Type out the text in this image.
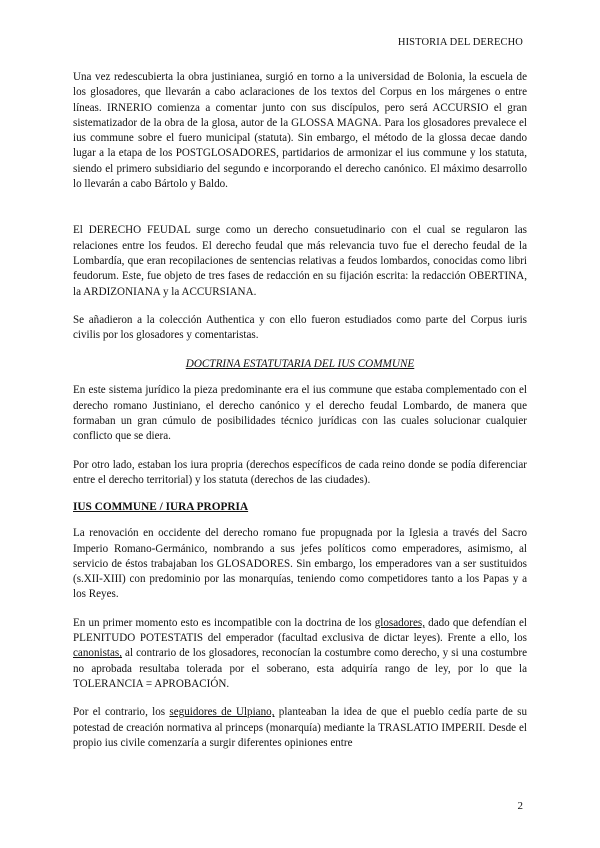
HISTORIA DEL DERECHO

Una vez redescubierta la obra justinianea, surgió en torno a la universidad de Bolonia, la escuela de los glosadores, que llevarán a cabo aclaraciones de los textos del Corpus en los márgenes o entre líneas. IRNERIO comienza a comentar junto con sus discípulos, pero será ACCURSIO el gran sistematizador de la obra de la glosa, autor de la GLOSSA MAGNA. Para los glosadores prevalece el ius commune sobre el fuero municipal (statuta). Sin embargo, el método de la glossa decae dando lugar a la etapa de los POSTGLOSADORES, partidarios de armonizar el ius commune y los statuta, siendo el primero subsidiario del segundo e incorporando el derecho canónico. El máximo desarrollo lo llevarán a cabo Bártolo y Baldo.

El DERECHO FEUDAL surge como un derecho consuetudinario con el cual se regularon las relaciones entre los feudos. El derecho feudal que más relevancia tuvo fue el derecho feudal de la Lombardía, que eran recopilaciones de sentencias relativas a feudos lombardos, conocidas como libri feudorum. Este, fue objeto de tres fases de redacción en su fijación escrita: la redacción OBERTINA, la ARDIZONIANA y la ACCURSIANA.

Se añadieron a la colección Authentica y con ello fueron estudiados como parte del Corpus iuris civilis por los glosadores y comentaristas.

DOCTRINA ESTATUTARIA DEL IUS COMMUNE

En este sistema jurídico la pieza predominante era el ius commune que estaba complementado con el derecho romano Justiniano, el derecho canónico y el derecho feudal Lombardo, de manera que formaban un gran cúmulo de posibilidades técnico jurídicas con las cuales solucionar cualquier conflicto que se diera.

Por otro lado, estaban los iura propria (derechos específicos de cada reino donde se podía diferenciar entre el derecho territorial) y los statuta (derechos de las ciudades).

IUS COMMUNE / IURA PROPRIA

La renovación en occidente del derecho romano fue propugnada por la Iglesia a través del Sacro Imperio Romano-Germánico, nombrando a sus jefes políticos como emperadores, asimismo, al servicio de éstos trabajaban los GLOSADORES. Sin embargo, los emperadores van a ser sustituidos (s.XII-XIII) con predominio por las monarquías, teniendo como competidores tanto a los Papas y a los Reyes.

En un primer momento esto es incompatible con la doctrina de los glosadores, dado que defendían el PLENITUDO POTESTATIS del emperador (facultad exclusiva de dictar leyes). Frente a ello, los canonistas, al contrario de los glosadores, reconocían la costumbre como derecho, y si una costumbre no aprobada resultaba tolerada por el soberano, esta adquiría rango de ley, por lo que la TOLERANCIA = APROBACIÓN.

Por el contrario, los seguidores de Ulpiano, planteaban la idea de que el pueblo cedía parte de su potestad de creación normativa al princeps (monarquía) mediante la TRASLATIO IMPERII. Desde el propio ius civile comenzaría a surgir diferentes opiniones entre

2
